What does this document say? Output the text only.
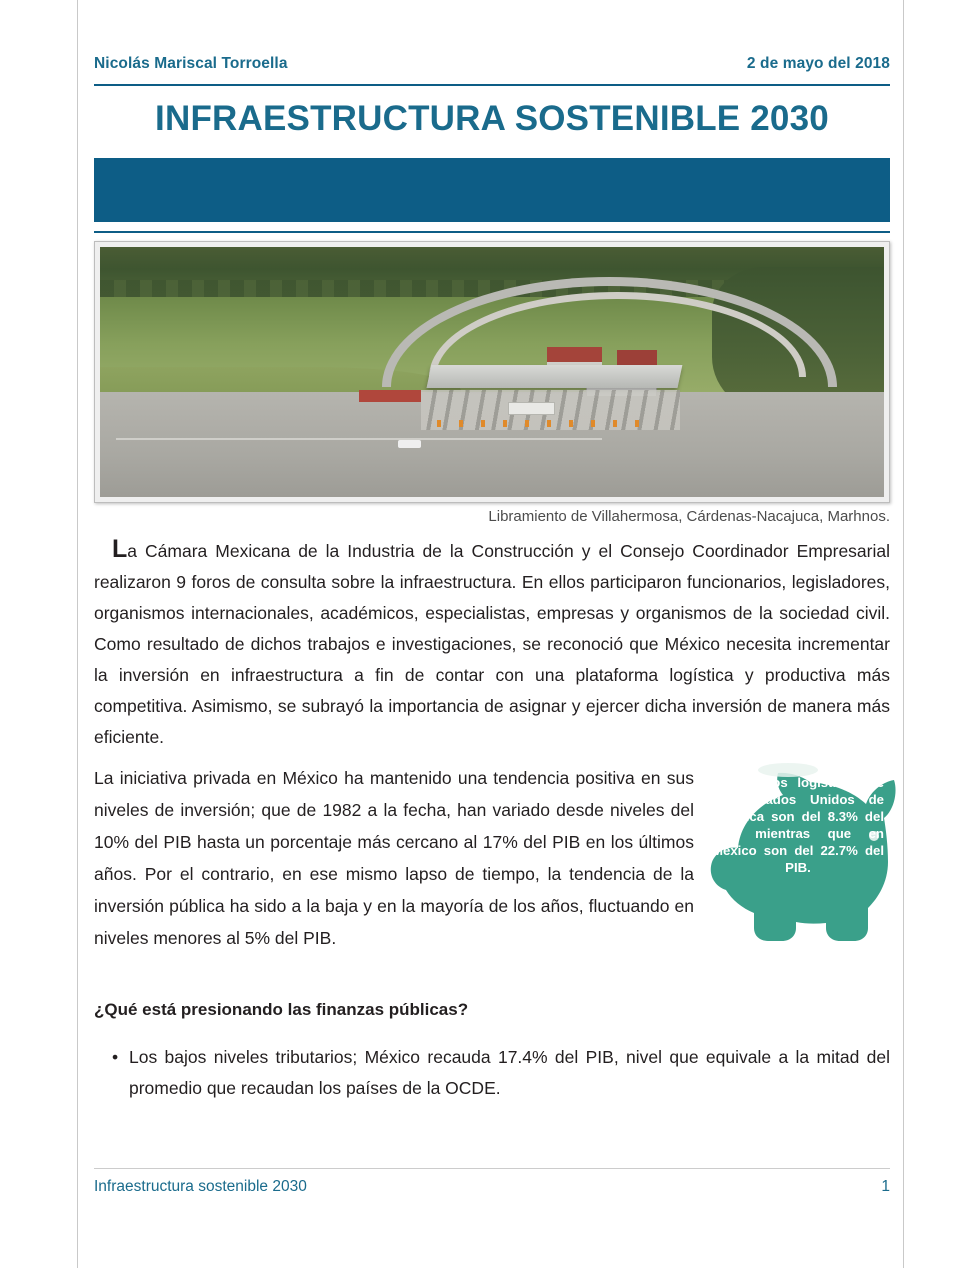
Nicolás Mariscal Torroella	2 de mayo del 2018
INFRAESTRUCTURA SOSTENIBLE 2030
Libramiento de Villahermosa, Cárdenas-Nacajuca, Marhnos.
La Cámara Mexicana de la Industria de la Construcción y el Consejo Coordinador Empresarial realizaron 9 foros de consulta sobre la infraestructura. En ellos participaron funcionarios, legisladores, organismos internacionales, académicos, especialistas, empresas y organismos de la sociedad civil. Como resultado de dichos trabajos e investigaciones, se reconoció que México necesita incrementar la inversión en infraestructura a fin de contar con una plataforma logística y productiva más competitiva. Asimismo, se subrayó la importancia de asignar y ejercer dicha inversión de manera más eficiente.
La iniciativa privada en México ha mantenido una tendencia positiva en sus niveles de inversión; que de 1982 a la fecha, han variado desde niveles del 10% del PIB hasta un porcentaje más cercano al 17% del PIB en los últimos años. Por el contrario, en ese mismo lapso de tiempo, la tendencia de la inversión pública ha sido a la baja y en la mayoría de los años, fluctuando en niveles menores al 5% del PIB.
Los costos logísticos de los Estados Unidos de América son del 8.3% del PIB, mientras que en México son del 22.7% del PIB.
¿Qué está presionando las finanzas públicas?
• Los bajos niveles tributarios; México recauda 17.4% del PIB, nivel que equivale a la mitad del promedio que recaudan los países de la OCDE.
Infraestructura sostenible 2030	1
